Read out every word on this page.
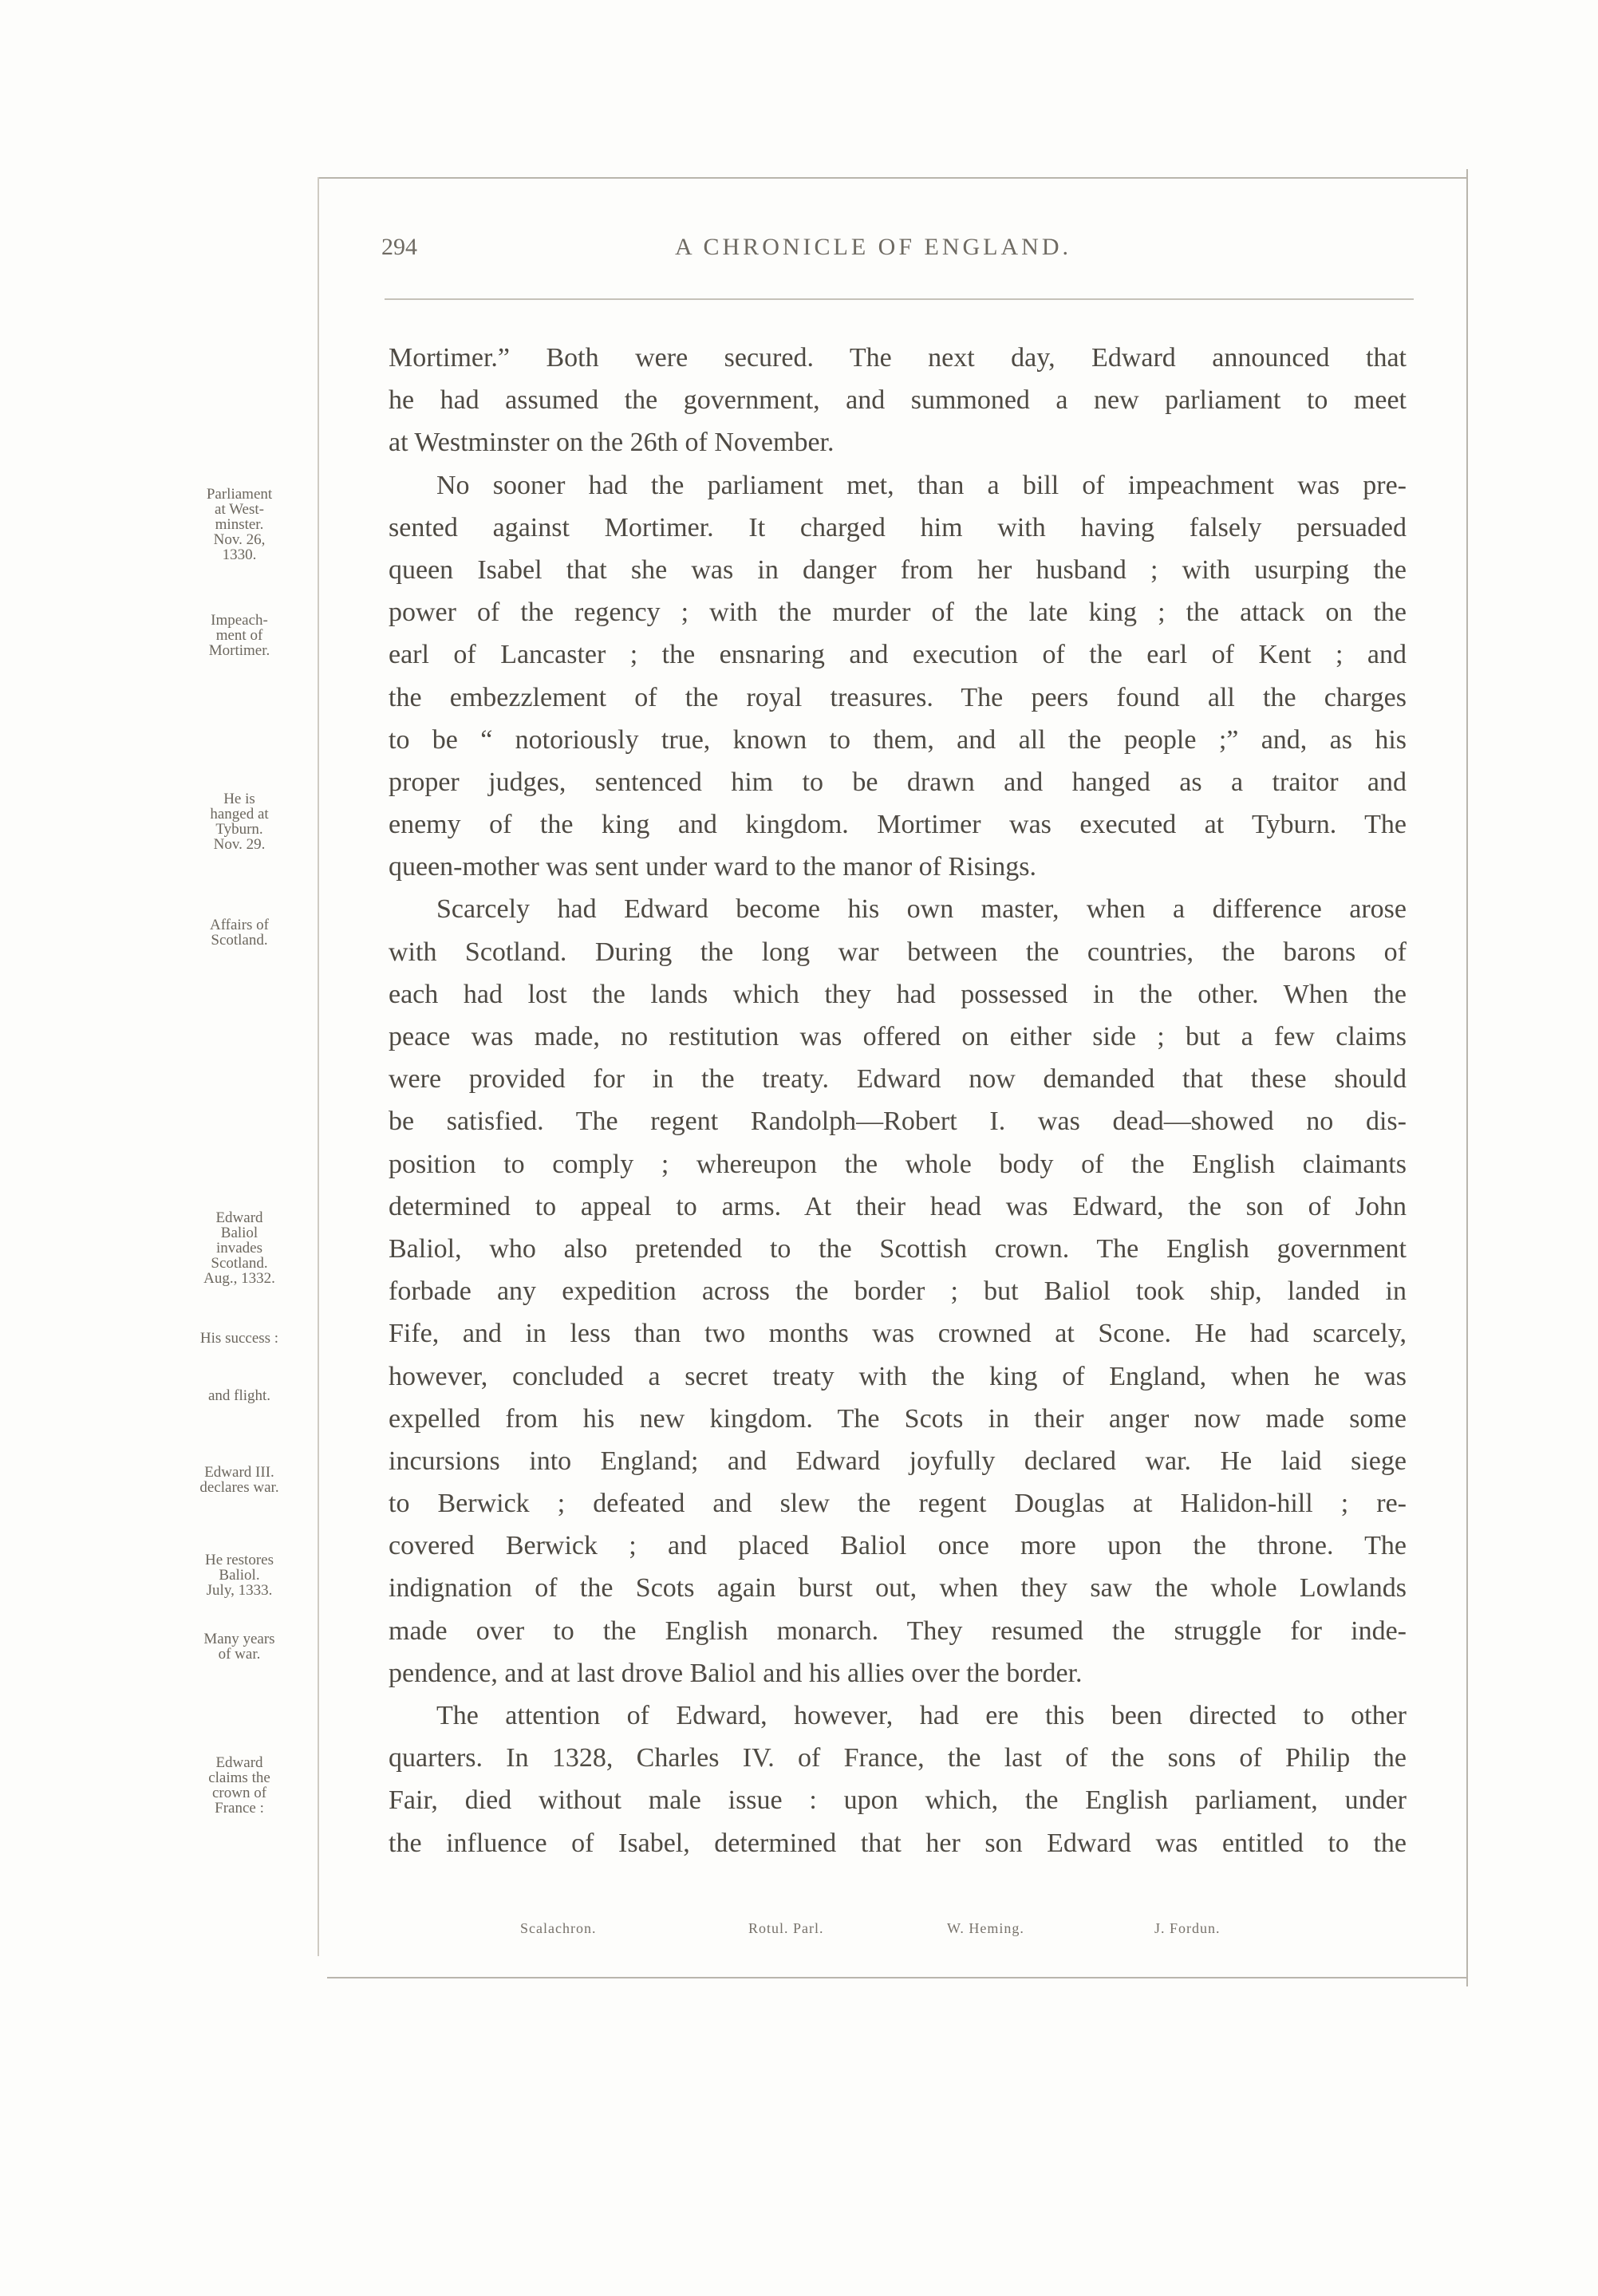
294	A CHRONICLE OF ENGLAND.
Mortimer.” Both were secured. The next day, Edward announced that
he had assumed the government, and summoned a new parliament to meet
at Westminster on the 26th of November.
No sooner had the parliament met, than a bill of impeachment was pre-
sented against Mortimer. It charged him with having falsely persuaded
queen Isabel that she was in danger from her husband ; with usurping the
power of the regency ; with the murder of the late king ; the attack on the
earl of Lancaster ; the ensnaring and execution of the earl of Kent ; and
the embezzlement of the royal treasures. The peers found all the charges
to be “ notoriously true, known to them, and all the people ;” and, as his
proper judges, sentenced him to be drawn and hanged as a traitor and
enemy of the king and kingdom. Mortimer was executed at Tyburn. The
queen-mother was sent under ward to the manor of Risings.
Scarcely had Edward become his own master, when a difference arose
with Scotland. During the long war between the countries, the barons of
each had lost the lands which they had possessed in the other. When the
peace was made, no restitution was offered on either side ; but a few claims
were provided for in the treaty. Edward now demanded that these should
be satisfied. The regent Randolph—Robert I. was dead—showed no dis-
position to comply ; whereupon the whole body of the English claimants
determined to appeal to arms. At their head was Edward, the son of John
Baliol, who also pretended to the Scottish crown. The English government
forbade any expedition across the border ; but Baliol took ship, landed in
Fife, and in less than two months was crowned at Scone. He had scarcely,
however, concluded a secret treaty with the king of England, when he was
expelled from his new kingdom. The Scots in their anger now made some
incursions into England; and Edward joyfully declared war. He laid siege
to Berwick ; defeated and slew the regent Douglas at Halidon-hill ; re-
covered Berwick ; and placed Baliol once more upon the throne. The
indignation of the Scots again burst out, when they saw the whole Lowlands
made over to the English monarch. They resumed the struggle for inde-
pendence, and at last drove Baliol and his allies over the border.
The attention of Edward, however, had ere this been directed to other
quarters. In 1328, Charles IV. of France, the last of the sons of Philip the
Fair, died without male issue : upon which, the English parliament, under
the influence of Isabel, determined that her son Edward was entitled to the
Parliament
at West-
minster.
Nov. 26,
1330.
Impeach-
ment of
Mortimer.
He is
hanged at
Tyburn.
Nov. 29.
Affairs of
Scotland.
Edward
Baliol
invades
Scotland.
Aug., 1332.
His success :
and flight.
Edward III.
declares war.
He restores
Baliol.
July, 1333.
Many years
of war.
Edward
claims the
crown of
France :
Scalachron.	Rotul. Parl.	W. Heming.	J. Fordun.
